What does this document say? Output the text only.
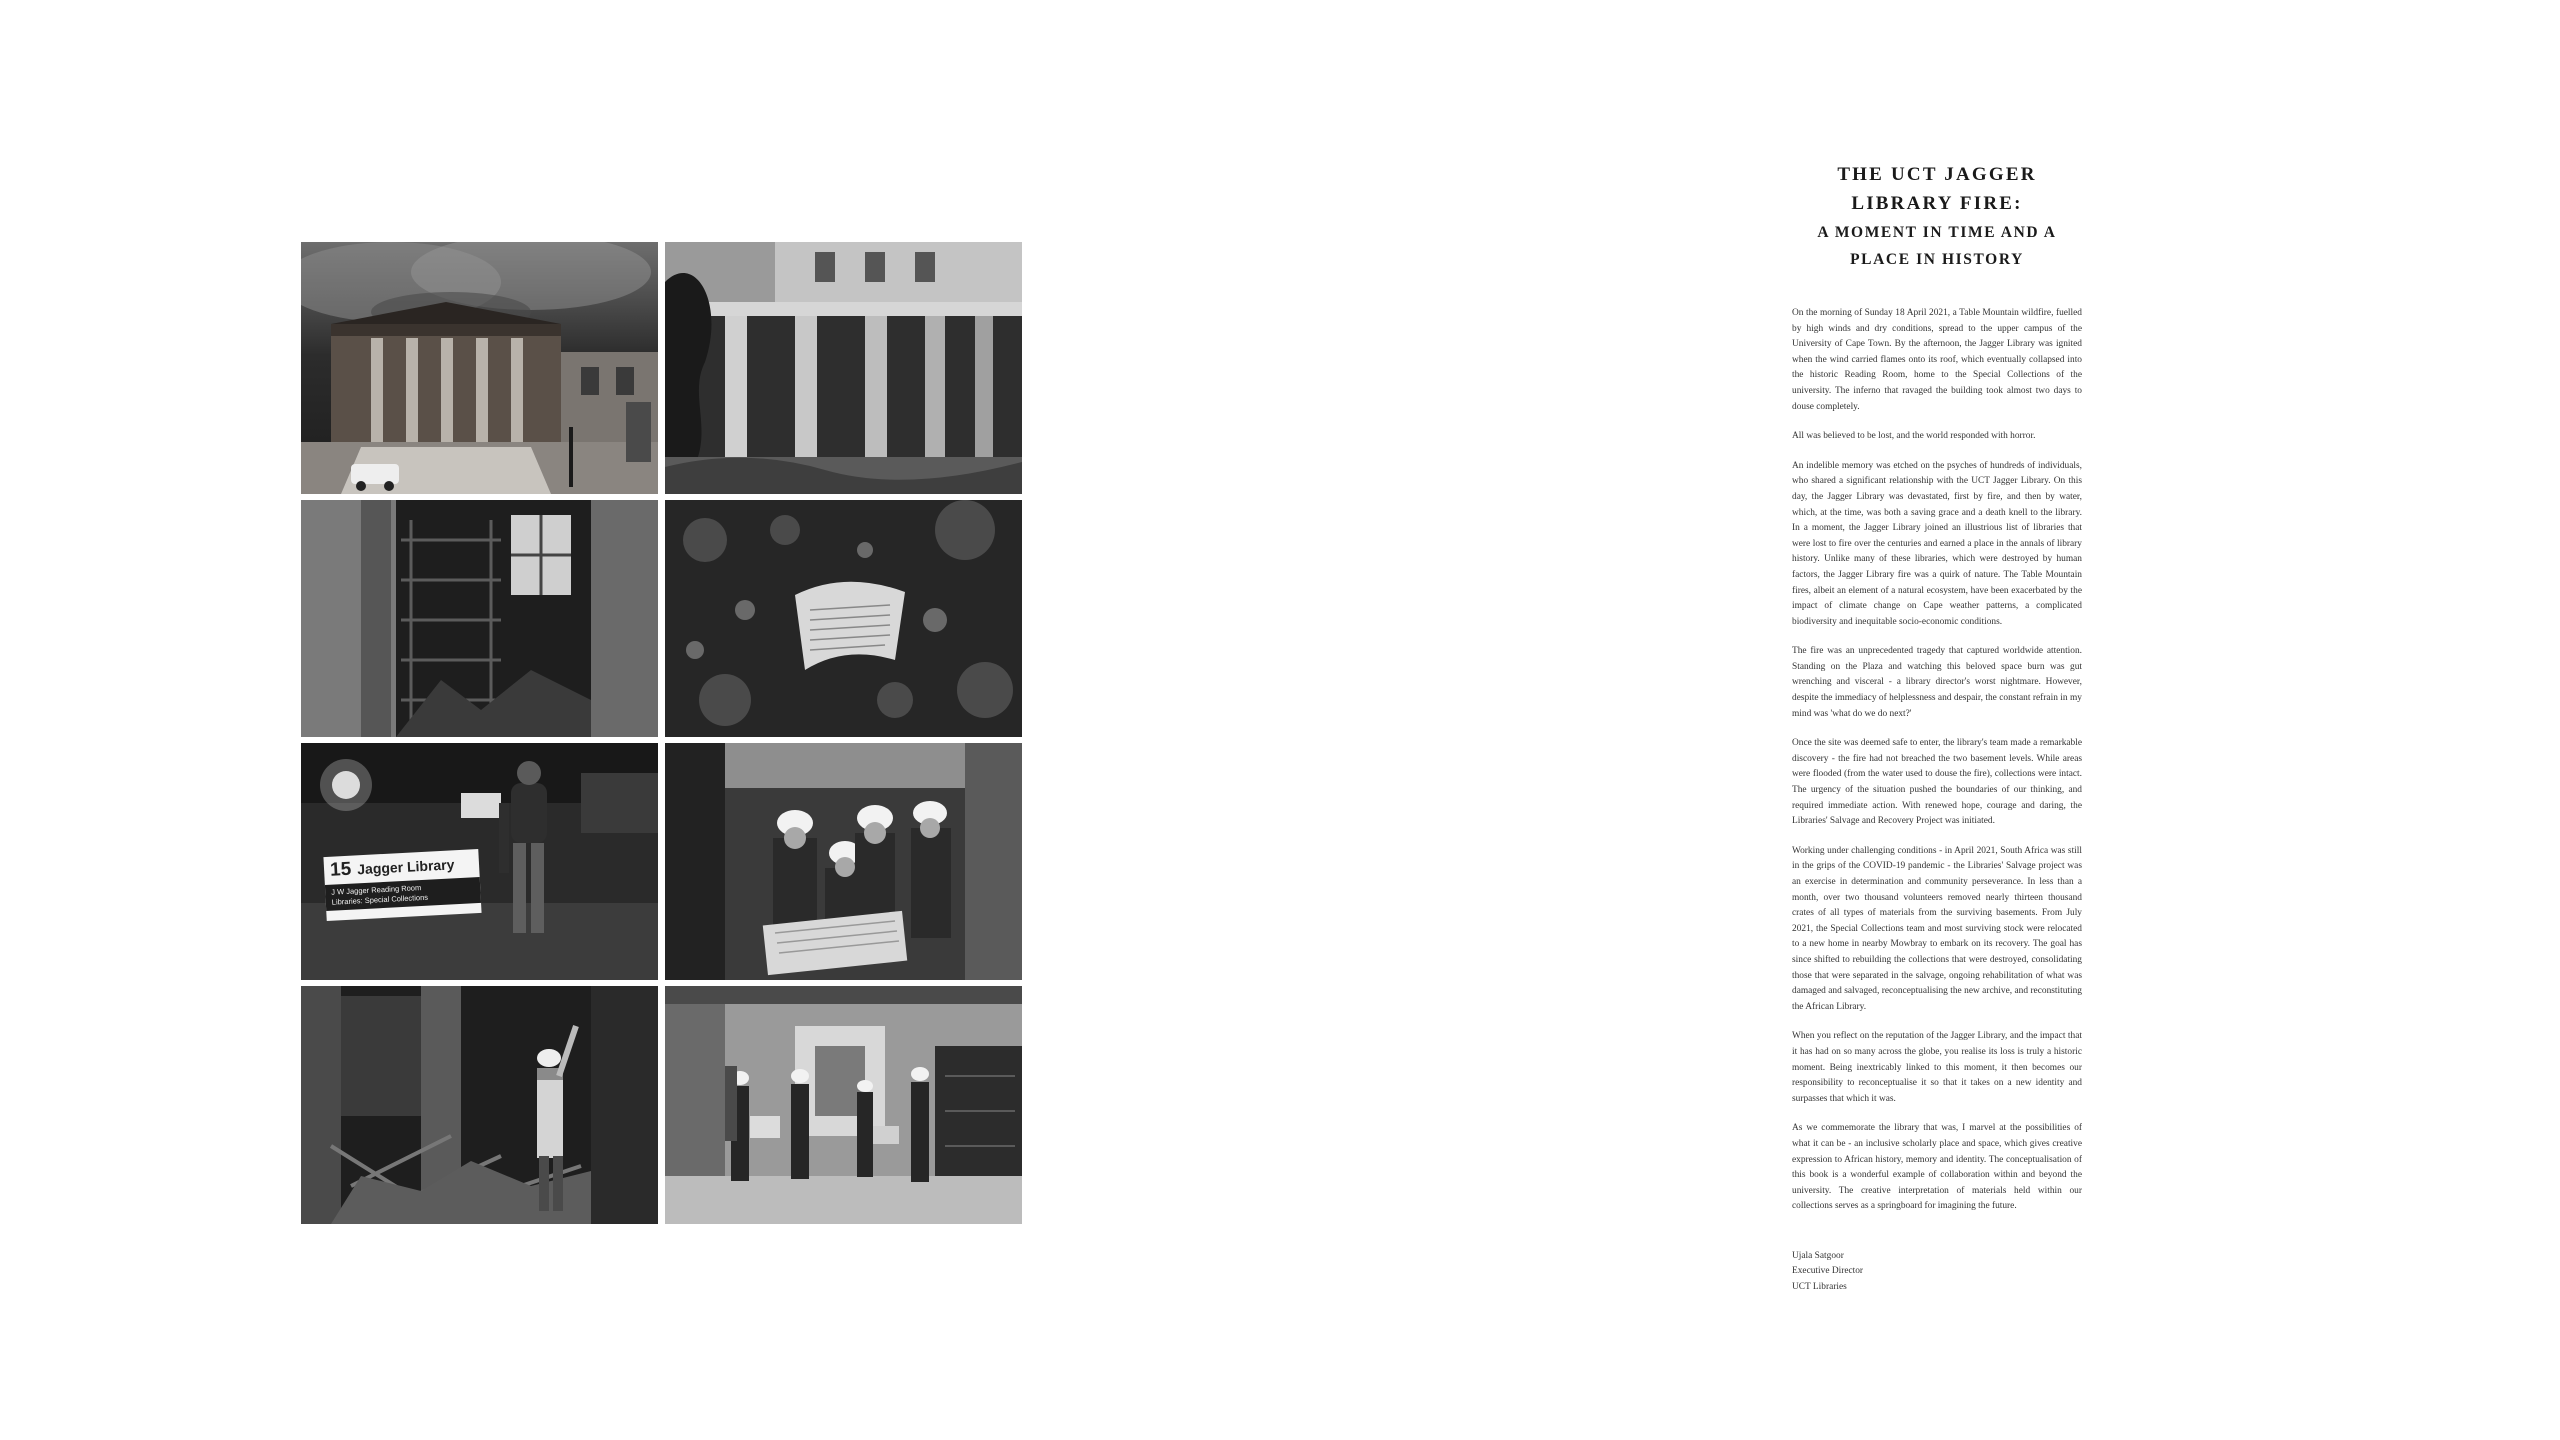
15 Jagger Library
J W Jagger Reading Room
Libraries: Special Collections

THE UCT JAGGER

LIBRARY FIRE:

A MOMENT IN TIME AND A

PLACE IN HISTORY

On the morning of Sunday 18 April 2021, a Table Mountain wildfire, fuelled by high winds and dry conditions, spread to the upper campus of the University of Cape Town. By the afternoon, the Jagger Library was ignited when the wind carried flames onto its roof, which eventually collapsed into the historic Reading Room, home to the Special Collections of the university. The inferno that ravaged the building took almost two days to douse completely.

All was believed to be lost, and the world responded with horror.

An indelible memory was etched on the psyches of hundreds of individuals, who shared a significant relationship with the UCT Jagger Library. On this day, the Jagger Library was devastated, first by fire, and then by water, which, at the time, was both a saving grace and a death knell to the library. In a moment, the Jagger Library joined an illustrious list of libraries that were lost to fire over the centuries and earned a place in the annals of library history. Unlike many of these libraries, which were destroyed by human factors, the Jagger Library fire was a quirk of nature. The Table Mountain fires, albeit an element of a natural ecosystem, have been exacerbated by the impact of climate change on Cape weather patterns, a complicated biodiversity and inequitable socio-economic conditions.

The fire was an unprecedented tragedy that captured worldwide attention. Standing on the Plaza and watching this beloved space burn was gut wrenching and visceral - a library director's worst nightmare. However, despite the immediacy of helplessness and despair, the constant refrain in my mind was 'what do we do next?'

Once the site was deemed safe to enter, the library's team made a remarkable discovery - the fire had not breached the two basement levels. While areas were flooded (from the water used to douse the fire), collections were intact. The urgency of the situation pushed the boundaries of our thinking, and required immediate action. With renewed hope, courage and daring, the Libraries' Salvage and Recovery Project was initiated.

Working under challenging conditions - in April 2021, South Africa was still in the grips of the COVID-19 pandemic - the Libraries' Salvage project was an exercise in determination and community perseverance. In less than a month, over two thousand volunteers removed nearly thirteen thousand crates of all types of materials from the surviving basements. From July 2021, the Special Collections team and most surviving stock were relocated to a new home in nearby Mowbray to embark on its recovery. The goal has since shifted to rebuilding the collections that were destroyed, consolidating those that were separated in the salvage, ongoing rehabilitation of what was damaged and salvaged, reconceptualising the new archive, and reconstituting the African Library.

When you reflect on the reputation of the Jagger Library, and the impact that it has had on so many across the globe, you realise its loss is truly a historic moment. Being inextricably linked to this moment, it then becomes our responsibility to reconceptualise it so that it takes on a new identity and surpasses that which it was.

As we commemorate the library that was, I marvel at the possibilities of what it can be - an inclusive scholarly place and space, which gives creative expression to African history, memory and identity. The conceptualisation of this book is a wonderful example of collaboration within and beyond the university. The creative interpretation of materials held within our collections serves as a springboard for imagining the future.

Ujala Satgoor
Executive Director
UCT Libraries
